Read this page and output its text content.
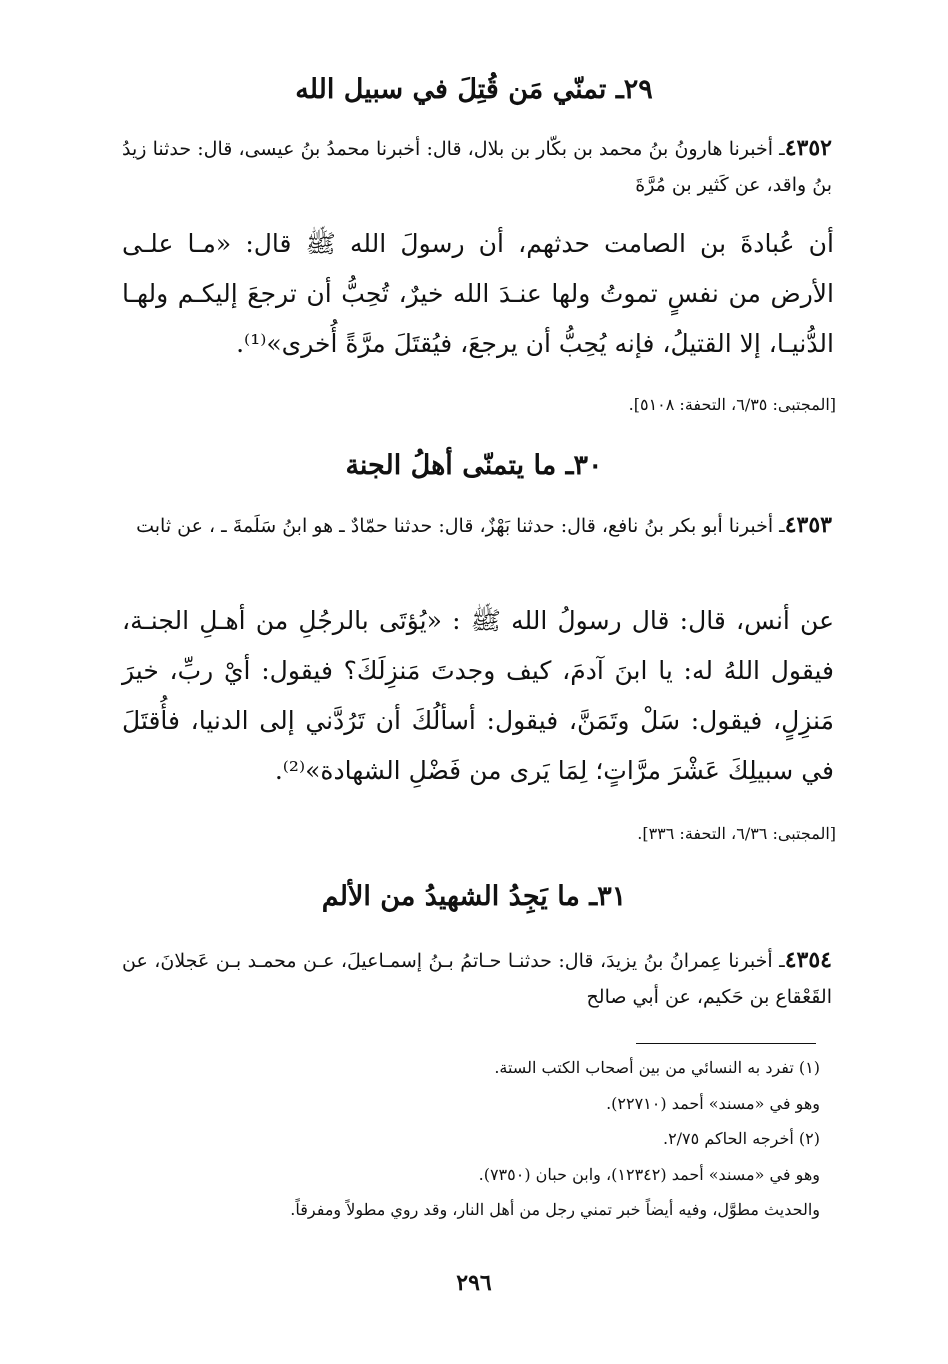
٢٩ـ تمنّي مَن قُتِلَ في سبيل الله
٤٣٥٢ـ أخبرنا هارونُ بنُ محمد بن بكّار بن بلال، قال: أخبرنا محمدُ بنُ عيسى، قال: حدثنا زيدُ بنُ واقد، عن كَثير بن مُرَّةَ
أن عُبادةَ بن الصامت حدثهم، أن رسولَ الله ﷺ قال: «مـا علـى الأرض من نفسٍ تموتُ ولها عنـدَ الله خيرٌ، تُحِبُّ أن ترجعَ إليكـم ولهـا الدُّنيـا، إلا القتيلُ، فإنه يُحِبُّ أن يرجعَ، فيُقتَلَ مرَّةً أُخرى»⁽¹⁾.
[المجتبى: ٦/٣٥، التحفة: ٥١٠٨].
٣٠ـ ما يتمنّى أهلُ الجنة
٤٣٥٣ـ أخبرنا أبو بكر بنُ نافع، قال: حدثنا بَهْزٌ، قال: حدثنا حمّادٌ ـ هو ابنُ سَلَمةَ ـ ، عن ثابت
عن أنس، قال: قال رسولُ الله ﷺ : «يُؤتَى بالرجُلِ من أهـلِ الجنـة، فيقول اللهُ له: يا ابنَ آدمَ، كيف وجدتَ مَنزِلَكَ؟ فيقول: أيْ ربِّ، خيرَ مَنزِلٍ، فيقول: سَلْ وتَمَنَّ، فيقول: أسألُكَ أن تَرُدَّني إلى الدنيا، فأُقتَلَ في سبيلِكَ عَشْرَ مرَّاتٍ؛ لِمَا يَرى من فَضْلِ الشهادة»⁽²⁾.
[المجتبى: ٦/٣٦، التحفة: ٣٣٦].
٣١ـ ما يَجِدُ الشهيدُ من الألم
٤٣٥٤ـ أخبرنا عِمرانُ بنُ يزيدَ، قال: حدثنـا حـاتمُ بـنُ إسمـاعيلَ، عـن محمـد بـن عَجلانَ، عن القَعْقاع بن حَكيم، عن أبي صالح
(١) تفرد به النسائي من بين أصحاب الكتب الستة.
وهو في «مسند» أحمد (٢٢٧١٠).
(٢) أخرجه الحاكم ٢/٧٥.
وهو في «مسند» أحمد (١٢٣٤٢)، وابن حبان (٧٣٥٠).
والحديث مطوَّل، وفيه أيضاً خبر تمني رجل من أهل النار، وقد روي مطولاً ومفرقاً.
٢٩٦
